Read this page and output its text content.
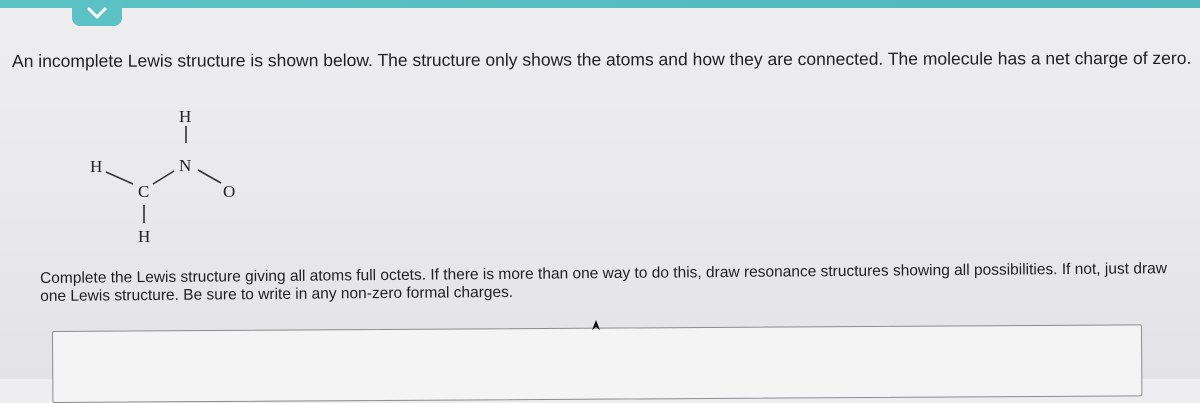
An incomplete Lewis structure is shown below. The structure only shows the atoms and how they are connected. The molecule has a net charge of zero.
H
N
H
C	O
H
Complete the Lewis structure giving all atoms full octets. If there is more than one way to do this, draw resonance structures showing all possibilities. If not, just draw one Lewis structure. Be sure to write in any non-zero formal charges.
